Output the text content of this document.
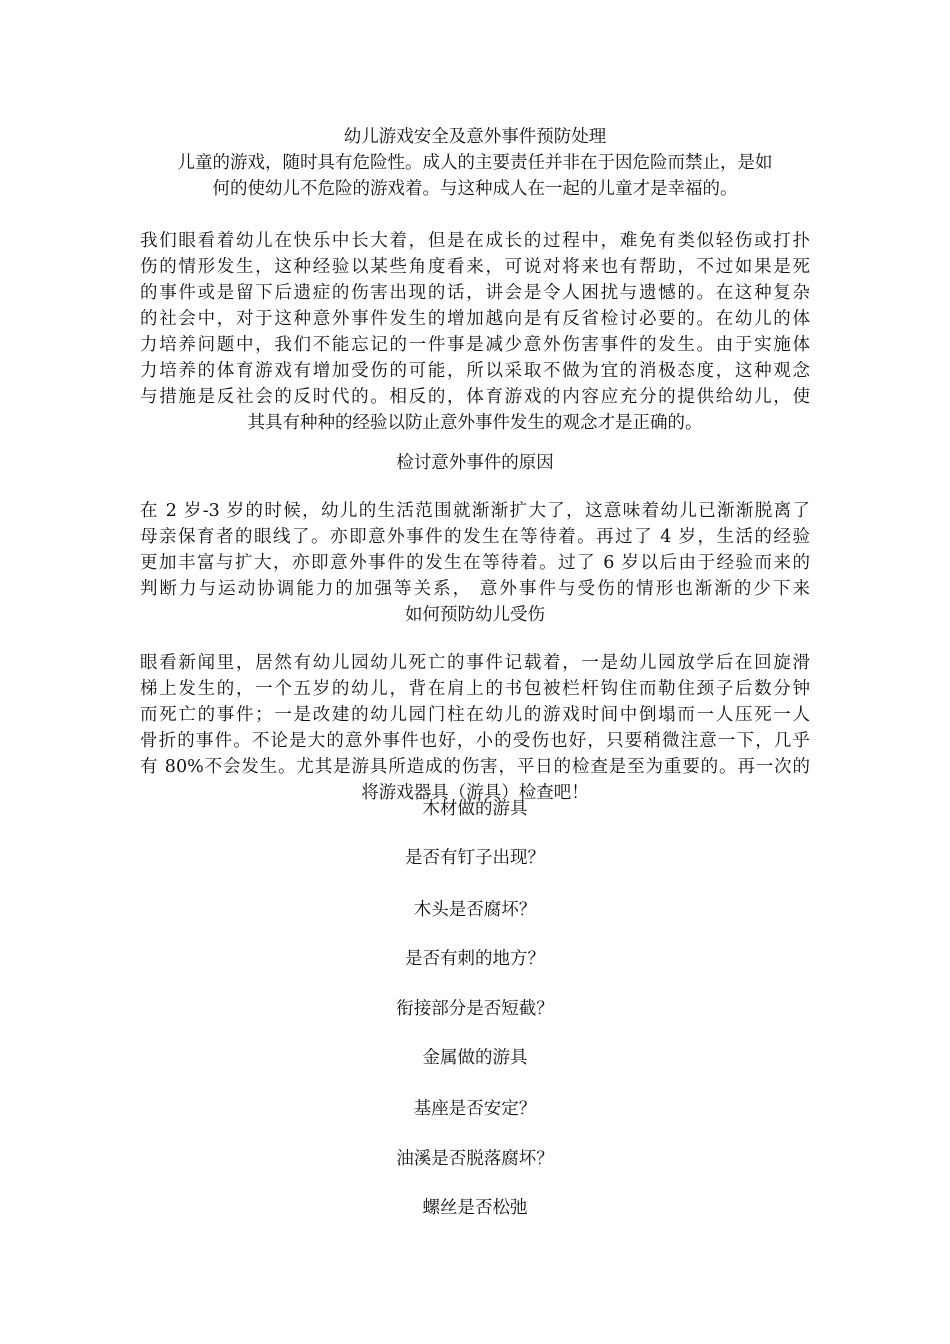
幼儿游戏安全及意外事件预防处理

儿童的游戏，随时具有危险性。成人的主要责任并非在于因危险而禁止，是如
何的使幼儿不危险的游戏着。与这种成人在一起的儿童才是幸福的。

我们眼看着幼儿在快乐中长大着，但是在成长的过程中，难免有类似轻伤或打扑
伤的情形发生，这种经验以某些角度看来，可说对将来也有帮助，不过如果是死
的事件或是留下后遗症的伤害出现的话，讲会是令人困扰与遗憾的。在这种复杂
的社会中，对于这种意外事件发生的增加越向是有反省检讨必要的。在幼儿的体
力培养问题中，我们不能忘记的一件事是减少意外伤害事件的发生。由于实施体
力培养的体育游戏有增加受伤的可能，所以采取不做为宜的消极态度，这种观念
与措施是反社会的反时代的。相反的，体育游戏的内容应充分的提供给幼儿，使
其具有种种的经验以防止意外事件发生的观念才是正确的。

检讨意外事件的原因

在 2 岁-3 岁的时候，幼儿的生活范围就渐渐扩大了，这意味着幼儿已渐渐脱离了
母亲保育者的眼线了。亦即意外事件的发生在等待着。再过了 4 岁，生活的经验
更加丰富与扩大，亦即意外事件的发生在等待着。过了 6 岁以后由于经验而来的
判断力与运动协调能力的加强等关系， 意外事件与受伤的情形也渐渐的少下来

如何预防幼儿受伤

眼看新闻里，居然有幼儿园幼儿死亡的事件记载着，一是幼儿园放学后在回旋滑
梯上发生的，一个五岁的幼儿，背在肩上的书包被栏杆钩住而勒住颈子后数分钟
而死亡的事件；一是改建的幼儿园门柱在幼儿的游戏时间中倒塌而一人压死一人
骨折的事件。不论是大的意外事件也好，小的受伤也好，只要稍微注意一下，几乎
有 80%不会发生。尤其是游具所造成的伤害，平日的检查是至为重要的。再一次的
将游戏器具（游具）检查吧！

木材做的游具

是否有钉子出现？

木头是否腐坏？

是否有刺的地方？

衔接部分是否短截？

金属做的游具

基座是否安定？

油溪是否脱落腐坏？

螺丝是否松弛
